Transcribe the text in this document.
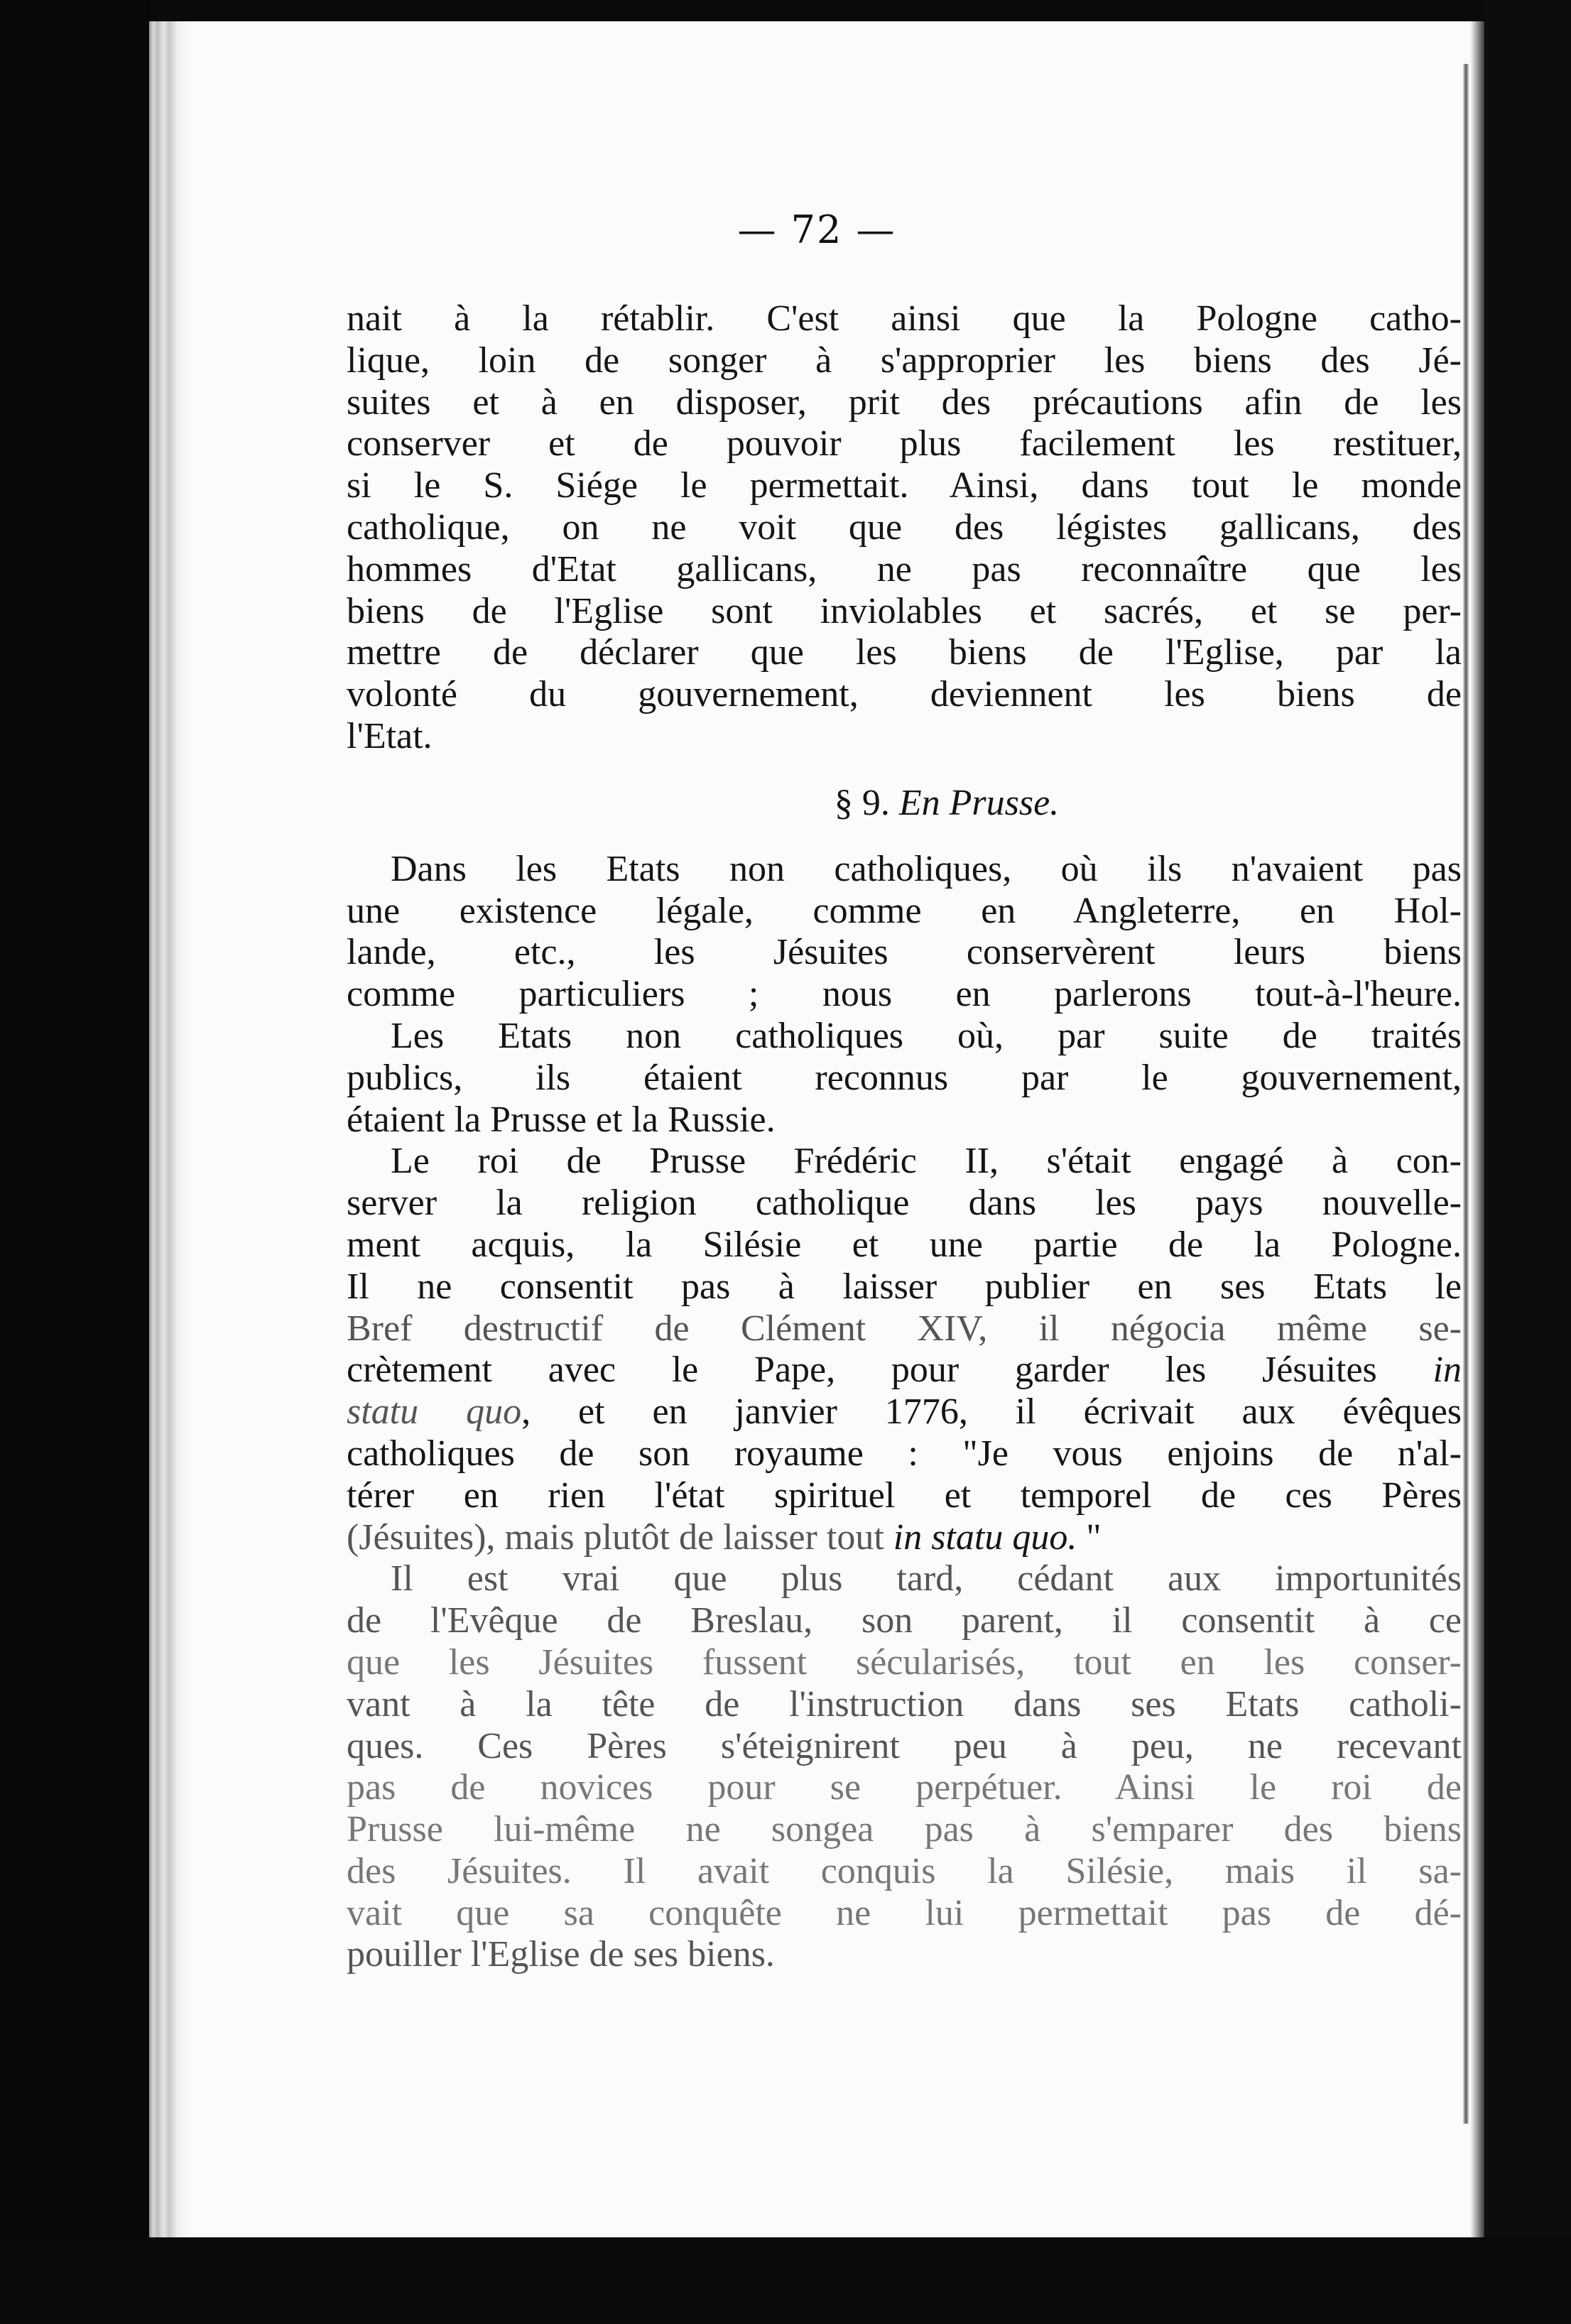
— 72 —
nait à la rétablir. C'est ainsi que la Pologne catho-
lique, loin de songer à s'approprier les biens des Jé-
suites et à en disposer, prit des précautions afin de les
conserver et de pouvoir plus facilement les restituer,
si le S. Siége le permettait. Ainsi, dans tout le monde
catholique, on ne voit que des légistes gallicans, des
hommes d'Etat gallicans, ne pas reconnaître que les
biens de l'Eglise sont inviolables et sacrés, et se per-
mettre de déclarer que les biens de l'Eglise, par la
volonté du gouvernement, deviennent les biens de
l'Etat.
§ 9. En Prusse.
Dans les Etats non catholiques, où ils n'avaient pas
une existence légale, comme en Angleterre, en Hol-
lande, etc., les Jésuites conservèrent leurs biens
comme particuliers ; nous en parlerons tout-à-l'heure.
Les Etats non catholiques où, par suite de traités
publics, ils étaient reconnus par le gouvernement,
étaient la Prusse et la Russie.
Le roi de Prusse Frédéric II, s'était engagé à con-
server la religion catholique dans les pays nouvelle-
ment acquis, la Silésie et une partie de la Pologne.
Il ne consentit pas à laisser publier en ses Etats le
Bref destructif de Clément XIV, il négocia même se-
crètement avec le Pape, pour garder les Jésuites in
statu quo, et en janvier 1776, il écrivait aux évêques
catholiques de son royaume : "Je vous enjoins de n'al-
térer en rien l'état spirituel et temporel de ces Pères
(Jésuites), mais plutôt de laisser tout in statu quo. "
Il est vrai que plus tard, cédant aux importunités
de l'Evêque de Breslau, son parent, il consentit à ce
que les Jésuites fussent sécularisés, tout en les conser-
vant à la tête de l'instruction dans ses Etats catholi-
ques. Ces Pères s'éteignirent peu à peu, ne recevant
pas de novices pour se perpétuer. Ainsi le roi de
Prusse lui-même ne songea pas à s'emparer des biens
des Jésuites. Il avait conquis la Silésie, mais il sa-
vait que sa conquête ne lui permettait pas de dé-
pouiller l'Eglise de ses biens.
